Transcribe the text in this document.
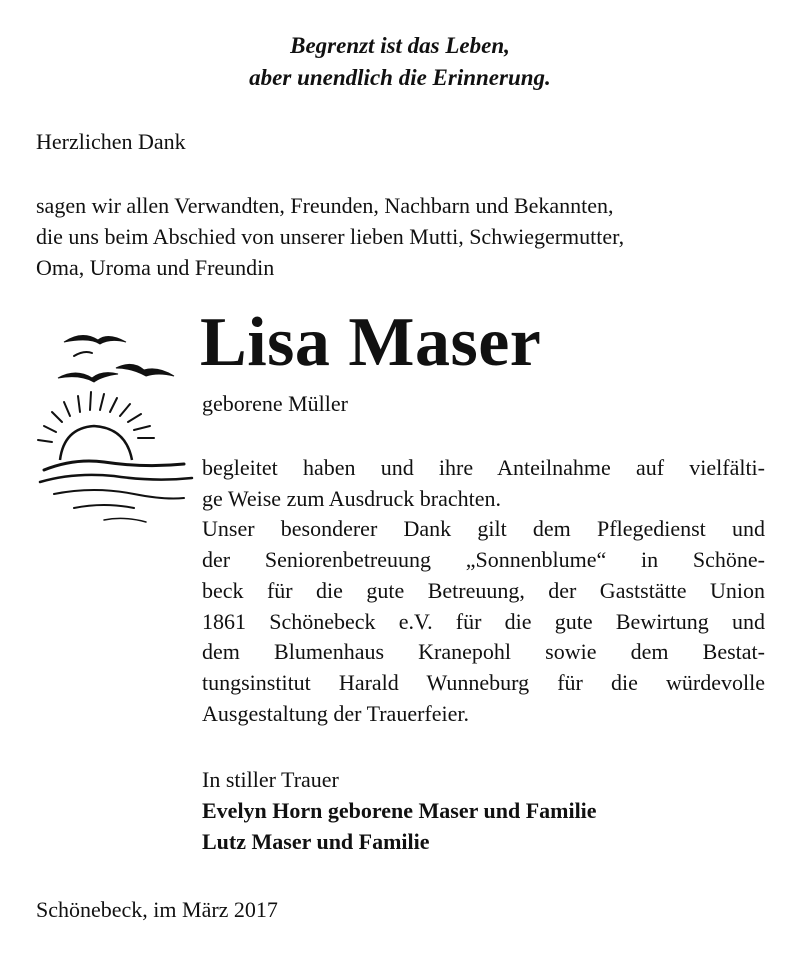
Begrenzt ist das Leben,
aber unendlich die Erinnerung.
Herzlichen Dank
sagen wir allen Verwandten, Freunden, Nachbarn und Bekannten,
die uns beim Abschied von unserer lieben Mutti, Schwiegermutter,
Oma, Uroma und Freundin
Lisa Maser
geborene Müller
begleitet haben und ihre Anteilnahme auf vielfälti-
ge Weise zum Ausdruck brachten.
Unser besonderer Dank gilt dem Pflegedienst und
der Seniorenbetreuung „Sonnenblume“ in Schöne-
beck für die gute Betreuung, der Gaststätte Union
1861 Schönebeck e.V. für die gute Bewirtung und
dem Blumenhaus Kranepohl sowie dem Bestat-
tungsinstitut Harald Wunneburg für die würdevolle
Ausgestaltung der Trauerfeier.
In stiller Trauer
Evelyn Horn geborene Maser und Familie
Lutz Maser und Familie
Schönebeck, im März 2017
